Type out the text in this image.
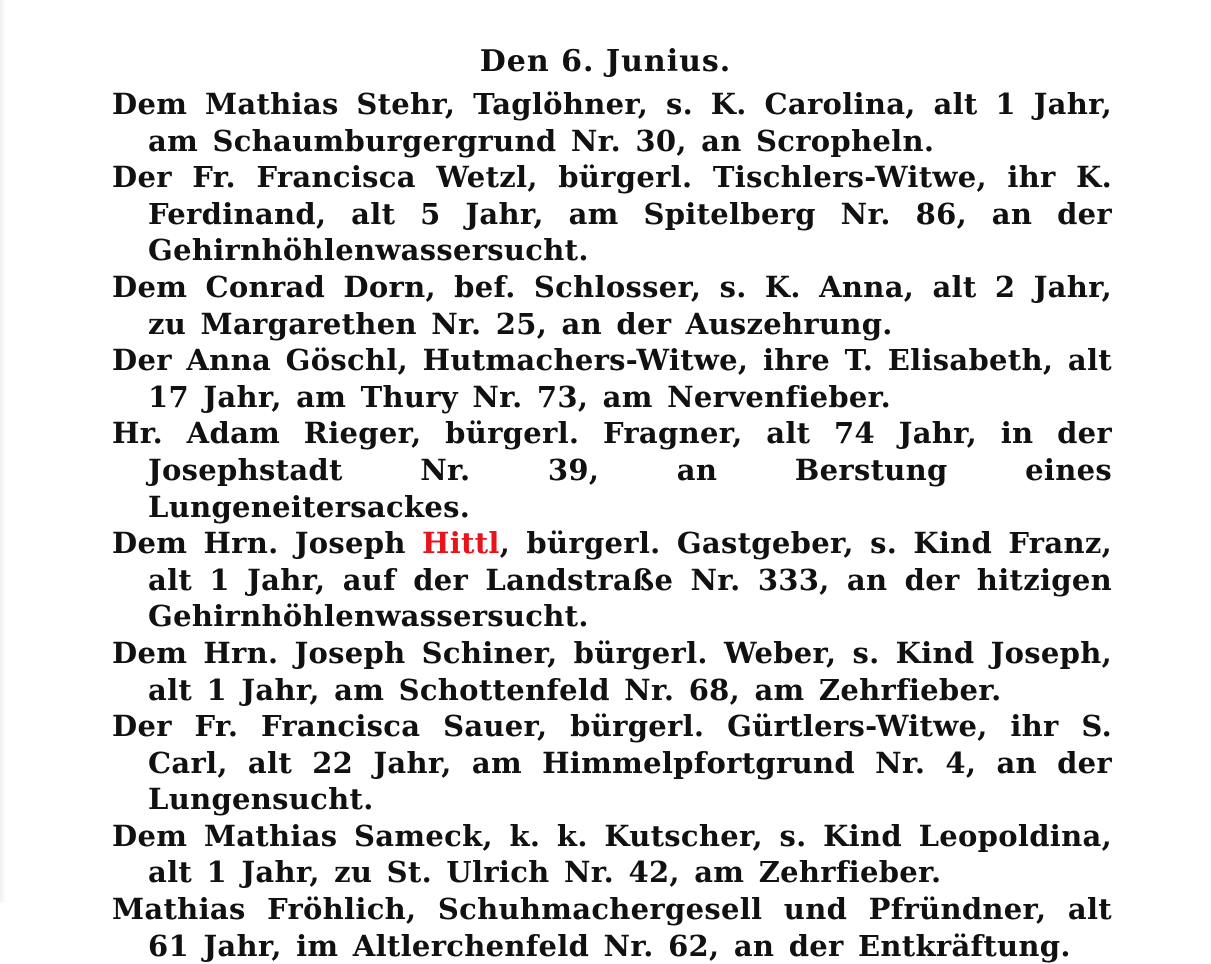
Den 6. Junius.

Dem Mathias Stehr, Taglöhner, s. K. Carolina, alt 1 Jahr, am Schaumburgergrund Nr. 30, an Scropheln.

Der Fr. Francisca Wetzl, bürgerl. Tischlers-Witwe, ihr K. Ferdinand, alt 5 Jahr, am Spitelberg Nr. 86, an der Gehirnhöhlenwassersucht.

Dem Conrad Dorn, bef. Schlosser, s. K. Anna, alt 2 Jahr, zu Margarethen Nr. 25, an der Auszehrung.

Der Anna Göschl, Hutmachers-Witwe, ihre T. Elisabeth, alt 17 Jahr, am Thury Nr. 73, am Nervenfieber.

Hr. Adam Rieger, bürgerl. Fragner, alt 74 Jahr, in der Josephstadt Nr. 39, an Berstung eines Lungeneitersackes.

Dem Hrn. Joseph Hittl, bürgerl. Gastgeber, s. Kind Franz, alt 1 Jahr, auf der Landstraße Nr. 333, an der hitzigen Gehirnhöhlenwassersucht.

Dem Hrn. Joseph Schiner, bürgerl. Weber, s. Kind Joseph, alt 1 Jahr, am Schottenfeld Nr. 68, am Zehrfieber.

Der Fr. Francisca Sauer, bürgerl. Gürtlers-Witwe, ihr S. Carl, alt 22 Jahr, am Himmelpfortgrund Nr. 4, an der Lungensucht.

Dem Mathias Sameck, k. k. Kutscher, s. Kind Leopoldina, alt 1 Jahr, zu St. Ulrich Nr. 42, am Zehrfieber.

Mathias Fröhlich, Schuhmachergesell und Pfründner, alt 61 Jahr, im Altlerchenfeld Nr. 62, an der Entkräftung.
